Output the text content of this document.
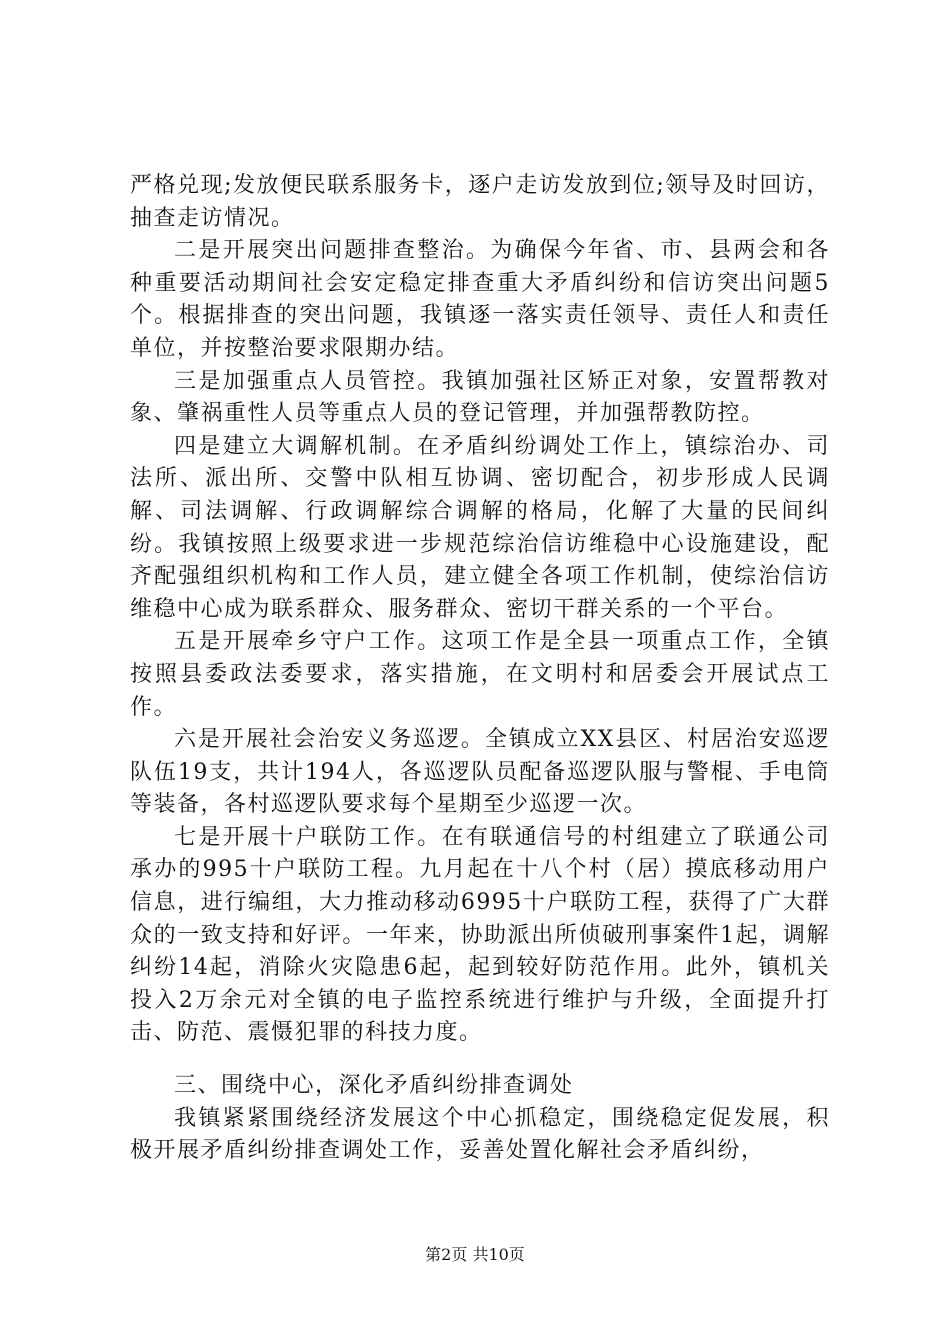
严格兑现;发放便民联系服务卡，逐户走访发放到位;领导及时回访，抽查走访情况。

二是开展突出问题排查整治。为确保今年省、市、县两会和各种重要活动期间社会安定稳定排查重大矛盾纠纷和信访突出问题5个。根据排查的突出问题，我镇逐一落实责任领导、责任人和责任单位，并按整治要求限期办结。

三是加强重点人员管控。我镇加强社区矫正对象，安置帮教对象、肇祸重性人员等重点人员的登记管理，并加强帮教防控。

四是建立大调解机制。在矛盾纠纷调处工作上，镇综治办、司法所、派出所、交警中队相互协调、密切配合，初步形成人民调解、司法调解、行政调解综合调解的格局，化解了大量的民间纠纷。我镇按照上级要求进一步规范综治信访维稳中心设施建设，配齐配强组织机构和工作人员，建立健全各项工作机制，使综治信访维稳中心成为联系群众、服务群众、密切干群关系的一个平台。

五是开展牵乡守户工作。这项工作是全县一项重点工作，全镇按照县委政法委要求，落实措施，在文明村和居委会开展试点工作。

六是开展社会治安义务巡逻。全镇成立XX县区、村居治安巡逻队伍19支，共计194人，各巡逻队员配备巡逻队服与警棍、手电筒等装备，各村巡逻队要求每个星期至少巡逻一次。

七是开展十户联防工作。在有联通信号的村组建立了联通公司承办的995十户联防工程。九月起在十八个村（居）摸底移动用户信息，进行编组，大力推动移动6995十户联防工程，获得了广大群众的一致支持和好评。一年来，协助派出所侦破刑事案件1起，调解纠纷14起，消除火灾隐患6起，起到较好防范作用。此外，镇机关投入2万余元对全镇的电子监控系统进行维护与升级，全面提升打击、防范、震慑犯罪的科技力度。

三、围绕中心，深化矛盾纠纷排查调处

我镇紧紧围绕经济发展这个中心抓稳定，围绕稳定促发展，积极开展矛盾纠纷排查调处工作，妥善处置化解社会矛盾纠纷，

第2页 共10页
